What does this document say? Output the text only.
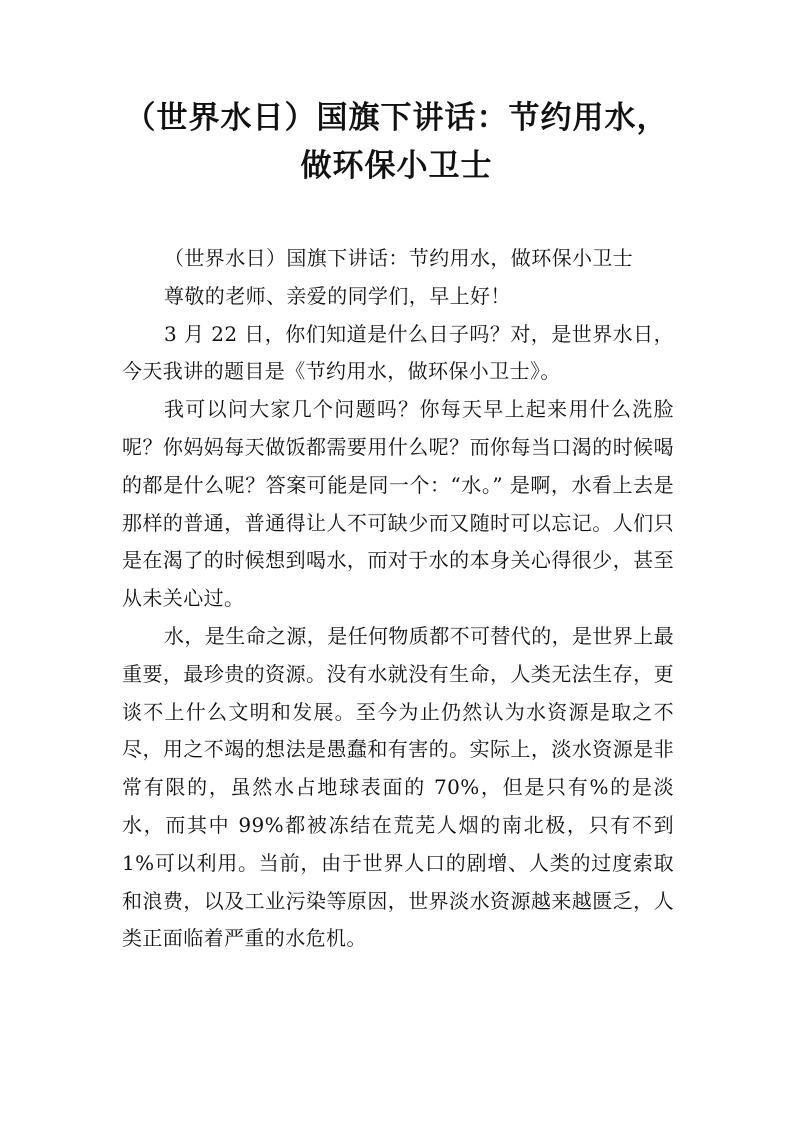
（世界水日）国旗下讲话：节约用水，
做环保小卫士

（世界水日）国旗下讲话：节约用水，做环保小卫士

尊敬的老师、亲爱的同学们，早上好！

3 月 22 日，你们知道是什么日子吗？对，是世界水日，今天我讲的题目是《节约用水，做环保小卫士》。

我可以问大家几个问题吗？你每天早上起来用什么洗脸呢？你妈妈每天做饭都需要用什么呢？而你每当口渴的时候喝的都是什么呢？答案可能是同一个：“水。” 是啊，水看上去是那样的普通，普通得让人不可缺少而又随时可以忘记。人们只是在渴了的时候想到喝水，而对于水的本身关心得很少，甚至从未关心过。

水，是生命之源，是任何物质都不可替代的，是世界上最重要，最珍贵的资源。没有水就没有生命，人类无法生存，更谈不上什么文明和发展。至今为止仍然认为水资源是取之不尽，用之不竭的想法是愚蠢和有害的。实际上，淡水资源是非常有限的，虽然水占地球表面的 70%，但是只有%的是淡水，而其中 99%都被冻结在荒芜人烟的南北极，只有不到 1%可以利用。当前，由于世界人口的剧增、人类的过度索取和浪费，以及工业污染等原因，世界淡水资源越来越匮乏，人类正面临着严重的水危机。
